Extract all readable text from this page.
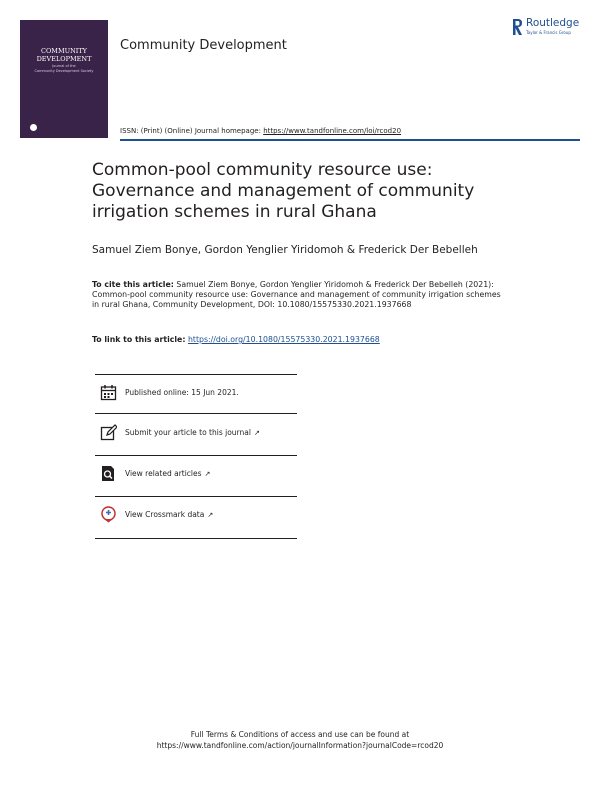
COMMUNITY
DEVELOPMENT
Journal of the
Community Development Society
Community Development
Routledge
Taylor & Francis Group
ISSN: (Print) (Online) Journal homepage: https://www.tandfonline.com/loi/rcod20
Common-pool community resource use: Governance and management of community irrigation schemes in rural Ghana
Samuel Ziem Bonye, Gordon Yenglier Yiridomoh & Frederick Der Bebelleh
To cite this article: Samuel Ziem Bonye, Gordon Yenglier Yiridomoh & Frederick Der Bebelleh (2021): Common-pool community resource use: Governance and management of community irrigation schemes in rural Ghana, Community Development, DOI: 10.1080/15575330.2021.1937668
To link to this article: https://doi.org/10.1080/15575330.2021.1937668
Published online: 15 Jun 2021.
Submit your article to this journal ↗
View related articles ↗
View Crossmark data ↗
Full Terms & Conditions of access and use can be found at
https://www.tandfonline.com/action/journalInformation?journalCode=rcod20
